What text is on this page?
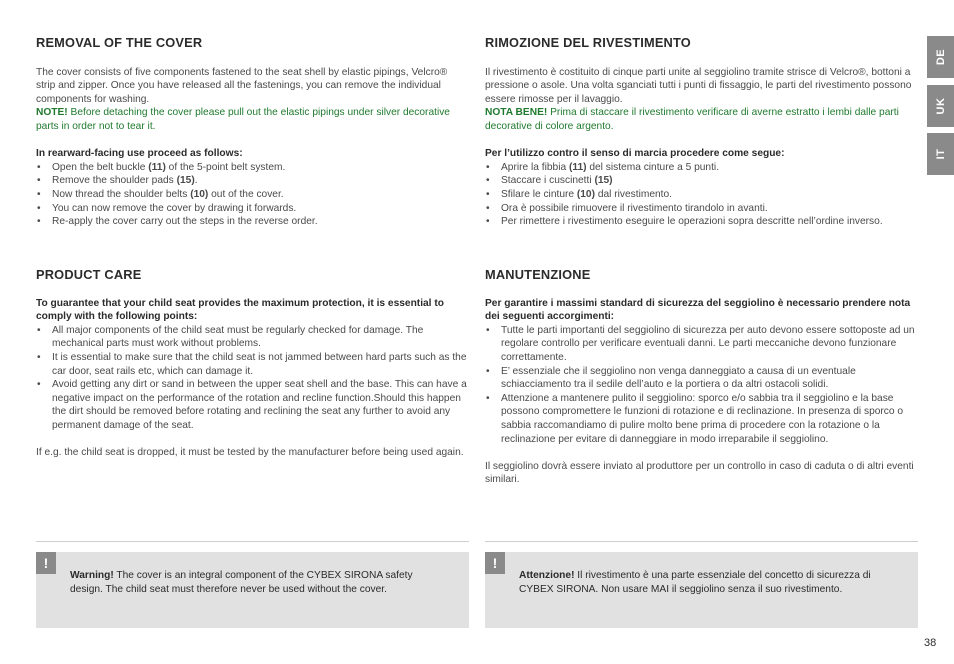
REMOVAL OF THE COVER

The cover consists of five components fastened to the seat shell by elastic pipings, Velcro® strip and zipper. Once you have released all the fastenings, you can remove the individual components for washing.

NOTE! Before detaching the cover please pull out the elastic pipings under silver decorative parts in order not to tear it.

In rearward-facing use proceed as follows:

• Open the belt buckle (11) of the 5-point belt system.
• Remove the shoulder pads (15).
• Now thread the shoulder belts (10) out of the cover.
• You can now remove the cover by drawing it forwards.
• Re-apply the cover carry out the steps in the reverse order.
PRODUCT CARE

To guarantee that your child seat provides the maximum protection, it is essential to comply with the following points:

• All major components of the child seat must be regularly checked for damage. The mechanical parts must work without problems.
• It is essential to make sure that the child seat is not jammed between hard parts such as the car door, seat rails etc, which can damage it.
• Avoid getting any dirt or sand in between the upper seat shell and the base. This can have a negative impact on the performance of the rotation and recline function.Should this happen the dirt should be removed before rotating and reclining the seat any further to avoid any permanent damage of the seat.

If e.g. the child seat is dropped, it must be tested by the manufacturer before being used again.

RIMOZIONE DEL RIVESTIMENTO

Il rivestimento è costituito di cinque parti unite al seggiolino tramite strisce di Velcro®, bottoni a pressione o asole. Una volta sganciati tutti i punti di fissaggio, le parti del rivestimento possono essere rimosse per il lavaggio.

NOTA BENE! Prima di staccare il rivestimento verificare di averne estratto i lembi dalle parti decorative di colore argento.

Per l’utilizzo contro il senso di marcia procedere come segue:

• Aprire la fibbia (11) del sistema cinture a 5 punti.
• Staccare i cuscinetti (15)
• Sfilare le cinture (10) dal rivestimento.
• Ora è possibile rimuovere il rivestimento tirandolo in avanti.
• Per rimettere i rivestimento eseguire le operazioni sopra descritte nell’ordine inverso.
MANUTENZIONE

Per garantire i massimi standard di sicurezza del seggiolino è necessario prendere nota dei seguenti accorgimenti:

• Tutte le parti importanti del seggiolino di sicurezza per auto devono essere sottoposte ad un regolare controllo per verificare eventuali danni. Le parti meccaniche devono funzionare correttamente.
• E’ essenziale che il seggiolino non venga danneggiato a causa di un eventuale schiacciamento tra il sedile dell’auto e la portiera o da altri ostacoli solidi.
• Attenzione a mantenere pulito il seggiolino: sporco e/o sabbia tra il seggiolino e la base possono compromettere le funzioni di rotazione e di reclinazione. In presenza di sporco o sabbia raccomandiamo di pulire molto bene prima di procedere con la rotazione o la reclinazione per evitare di danneggiare in modo irreparabile il seggiolino.

Il seggiolino dovrà essere inviato al produttore per un controllo in caso di caduta o di altri eventi similari.

!

Warning! The cover is an integral component of the CYBEX SIRONA safety design. The child seat must therefore never be used without the cover.

!

Attenzione! Il rivestimento è una parte essenziale del concetto di sicurezza di CYBEX SIRONA. Non usare MAI il seggiolino senza il suo rivestimento.

DE
UK
IT
38
